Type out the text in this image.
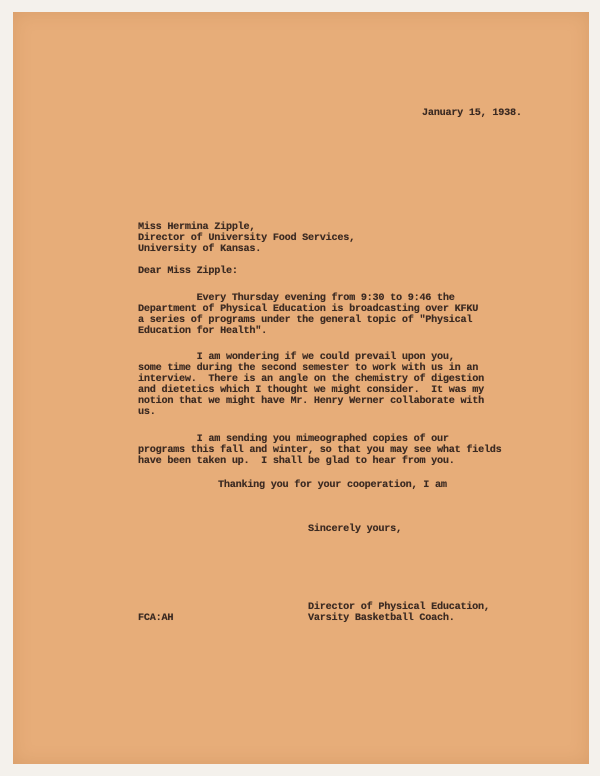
January 15, 1938.
Miss Hermina Zipple,
Director of University Food Services,
University of Kansas.
Dear Miss Zipple:
Every Thursday evening from 9:30 to 9:46 the
Department of Physical Education is broadcasting over KFKU
a series of programs under the general topic of "Physical
Education for Health".
I am wondering if we could prevail upon you,
some time during the second semester to work with us in an
interview.  There is an angle on the chemistry of digestion
and dietetics which I thought we might consider.  It was my
notion that we might have Mr. Henry Werner collaborate with
us.
I am sending you mimeographed copies of our
programs this fall and winter, so that you may see what fields
have been taken up.  I shall be glad to hear from you.
Thanking you for your cooperation, I am
Sincerely yours,
Director of Physical Education,
Varsity Basketball Coach.
FCA:AH
